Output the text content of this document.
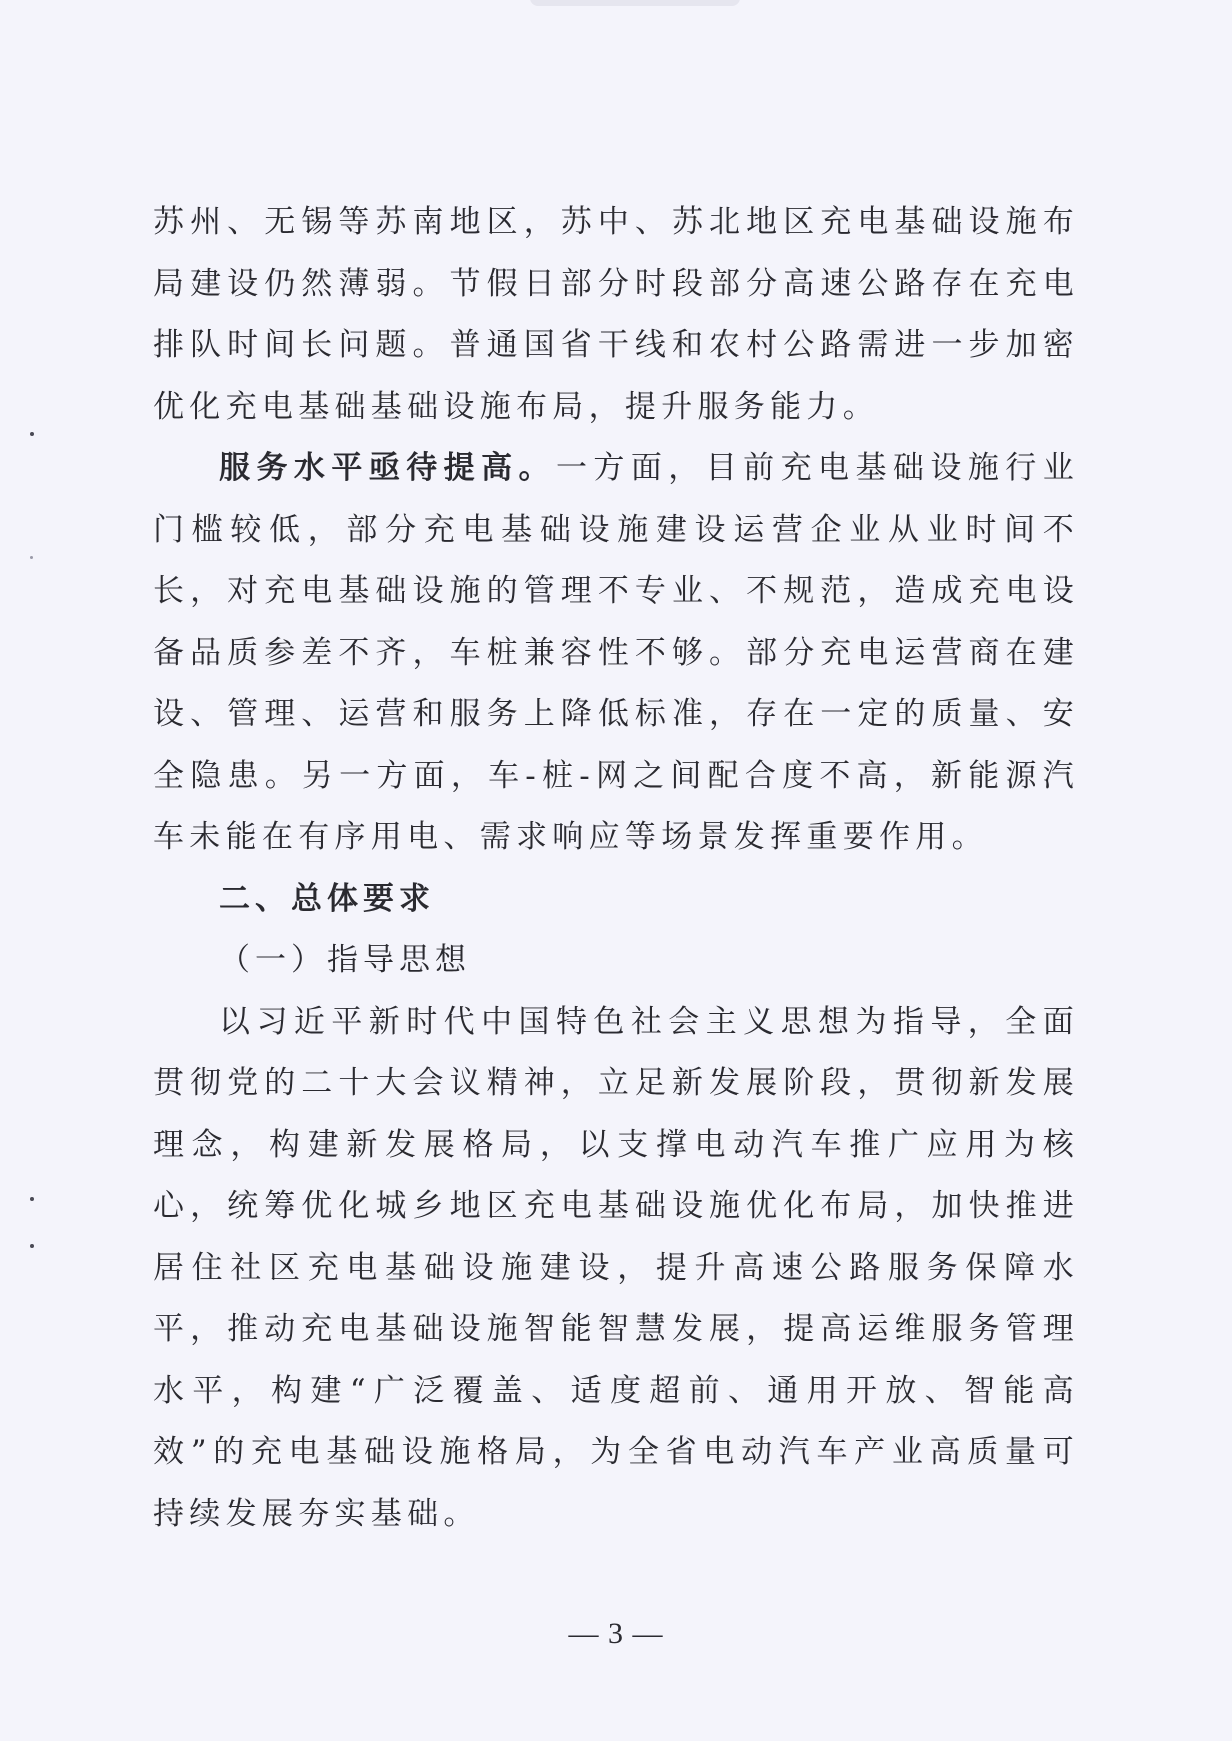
苏州、无锡等苏南地区，苏中、苏北地区充电基础设施布局建设仍然薄弱。节假日部分时段部分高速公路存在充电排队时间长问题。普通国省干线和农村公路需进一步加密优化充电基础基础设施布局，提升服务能力。

服务水平亟待提高。一方面，目前充电基础设施行业门槛较低，部分充电基础设施建设运营企业从业时间不长，对充电基础设施的管理不专业、不规范，造成充电设备品质参差不齐，车桩兼容性不够。部分充电运营商在建设、管理、运营和服务上降低标准，存在一定的质量、安全隐患。另一方面，车-桩-网之间配合度不高，新能源汽车未能在有序用电、需求响应等场景发挥重要作用。

二、总体要求

（一）指导思想

以习近平新时代中国特色社会主义思想为指导，全面贯彻党的二十大会议精神，立足新发展阶段，贯彻新发展理念，构建新发展格局，以支撑电动汽车推广应用为核心，统筹优化城乡地区充电基础设施优化布局，加快推进居住社区充电基础设施建设，提升高速公路服务保障水平，推动充电基础设施智能智慧发展，提高运维服务管理水平，构建“广泛覆盖、适度超前、通用开放、智能高效”的充电基础设施格局，为全省电动汽车产业高质量可持续发展夯实基础。

— 3 —
